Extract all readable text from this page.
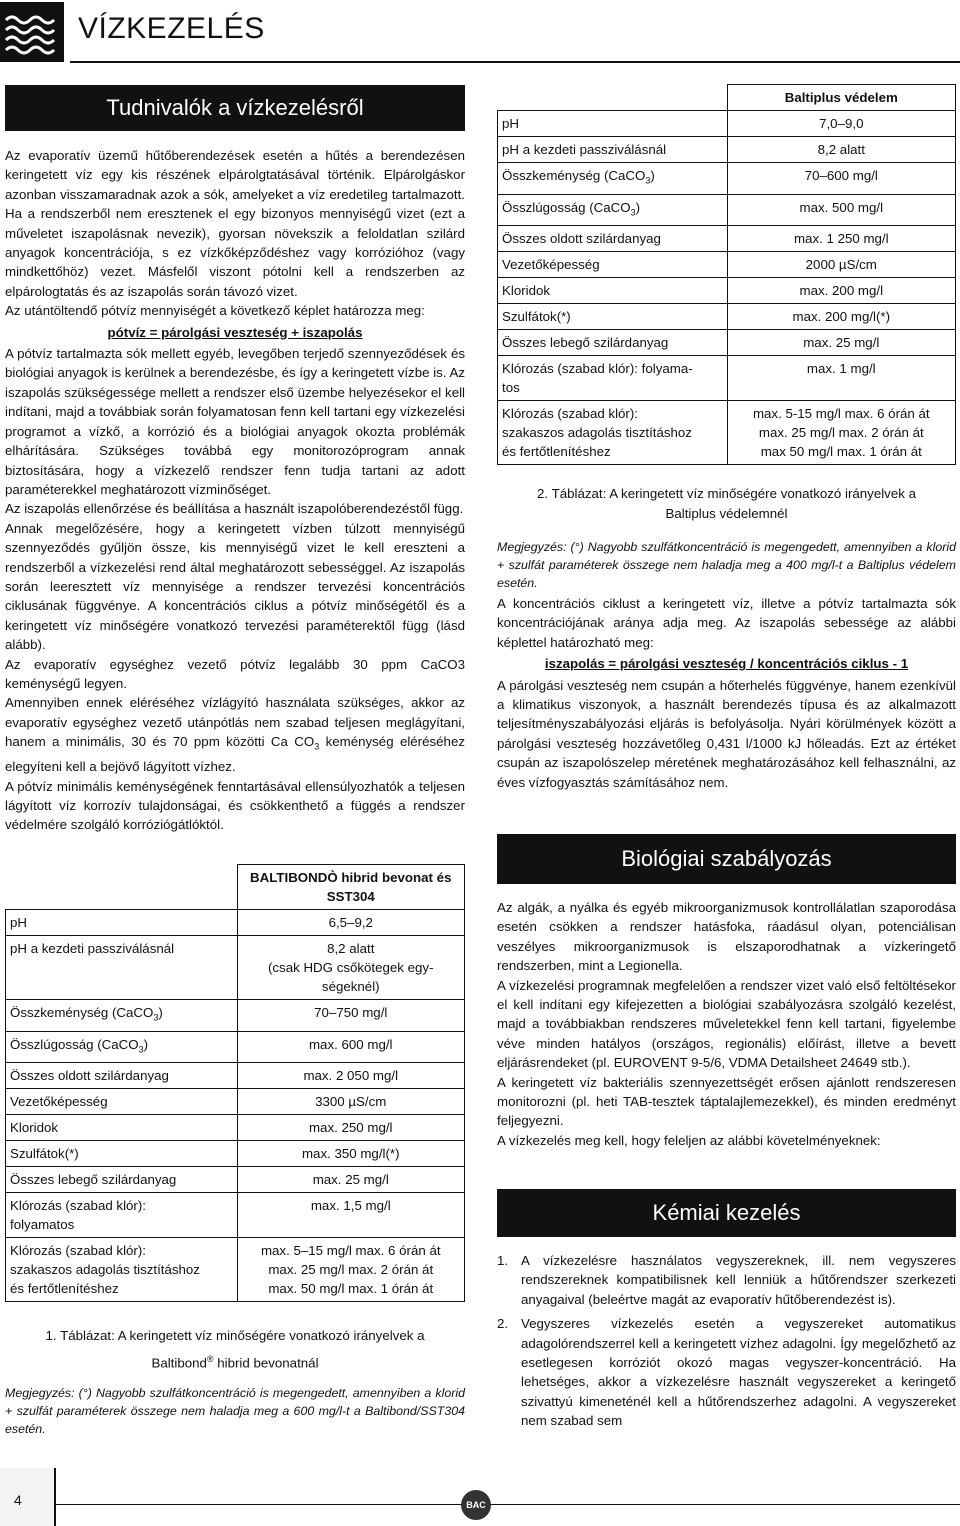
VÍZKEZELÉS
Tudnivalók a vízkezelésről

Az evaporatív üzemű hűtőberendezések esetén a hűtés a berendezésen keringetett víz egy kis részének elpárolgtatásával történik. Elpárolgáskor azonban visszamaradnak azok a sók, amelyeket a víz eredetileg tartalmazott. Ha a rendszerből nem eresztenek el egy bizonyos mennyiségű vizet (ezt a műveletet iszapolásnak nevezik), gyorsan növekszik a feloldatlan szilárd anyagok koncentrációja, s ez vízkőképződéshez vagy korrózióhoz (vagy mindkettőhöz) vezet. Másfelől viszont pótolni kell a rendszerben az elpárologtatás és az iszapolás során távozó vizet.

Az utántöltendő pótvíz mennyiségét a következő képlet határozza meg:

pótvíz = párolgási veszteség + iszapolás

A pótvíz tartalmazta sók mellett egyéb, levegőben terjedő szennyeződések és biológiai anyagok is kerülnek a berendezésbe, és így a keringetett vízbe is. Az iszapolás szükségessége mellett a rendszer első üzembe helyezésekor el kell indítani, majd a továbbiak során folyamatosan fenn kell tartani egy vízkezelési programot a vízkő, a korrózió és a biológiai anyagok okozta problémák elhárítására. Szükséges továbbá egy monitorozóprogram annak biztosítására, hogy a vízkezelő rendszer fenn tudja tartani az adott paraméterekkel meghatározott vízminőséget.

Az iszapolás ellenőrzése és beállítása a használt iszapolóberendezéstől függ.

Annak megelőzésére, hogy a keringetett vízben túlzott mennyiségű szennyeződés gyűljön össze, kis mennyiségű vizet le kell ereszteni a rendszerből a vízkezelési rend által meghatározott sebességgel. Az iszapolás során leeresztett víz mennyisége a rendszer tervezési koncentrációs ciklusának függvénye. A koncentrációs ciklus a pótvíz minőségétől és a keringetett víz minőségére vonatkozó tervezési paraméterektől függ (lásd alább).

Az evaporatív egységhez vezető pótvíz legalább 30 ppm CaCO3 keménységű legyen.

Amennyiben ennek eléréséhez vízlágyító használata szükséges, akkor az evaporatív egységhez vezető utánpótlás nem szabad teljesen meglágyítani, hanem a minimális, 30 és 70 ppm közötti Ca $CO_3$ keménység eléréséhez elegyíteni kell a bejövő lágyított vízhez.

A pótvíz minimális keménységének fenntartásával ellensúlyozhatók a teljesen lágyított víz korrozív tulajdonságai, és csökkenthető a függés a rendszer védelmére szolgáló korróziógátlóktól.

	BALTIBONDÒ hibrid bevonat és
SST304
pH	6,5–9,2
pH a kezdeti passziválásnál	8,2 alatt
(csak HDG csőkötegek egy-
ségeknél)
Összkeménység (CaCO$_3$)	70–750 mg/l
Összlúgosság (CaCO$_3$)	max. 600 mg/l
Összes oldott szilárdanyag	max. 2 050 mg/l
Vezetőképesség	3300 µS/cm
Kloridok	max. 250 mg/l
Szulfátok(*)	max. 350 mg/l(*)
Összes lebegő szilárdanyag	max. 25 mg/l
Klórozás (szabad klór):
folyamatos	max. 1,5 mg/l
Klórozás (szabad klór):
szakaszos adagolás tisztításhoz
és fertőtlenítéshez	max. 5–15 mg/l max. 6 órán át
max. 25 mg/l max. 2 órán át
max. 50 mg/l max. 1 órán át
1. Táblázat: A keringetett víz minőségére vonatkozó irányelvek a
Baltibond® hibrid bevonatnál
Megjegyzés: (°) Nagyobb szulfátkoncentráció is megengedett, amennyiben a klorid + szulfát paraméterek összege nem haladja meg a 600 mg/l-t a Baltibond/SST304 esetén.
	Baltiplus védelem
pH	7,0–9,0
pH a kezdeti passziválásnál	8,2 alatt
Összkeménység (CaCO$_3$)	70–600 mg/l
Összlúgosság (CaCO$_3$)	max. 500 mg/l
Összes oldott szilárdanyag	max. 1 250 mg/l
Vezetőképesség	2000 µS/cm
Kloridok	max. 200 mg/l
Szulfátok(*)	max. 200 mg/l(*)
Összes lebegő szilárdanyag	max. 25 mg/l
Klórozás (szabad klór): folyama-
tos	max. 1 mg/l
Klórozás (szabad klór):
szakaszos adagolás tisztításhoz
és fertőtlenítéshez	max. 5-15 mg/l max. 6 órán át
max. 25 mg/l max. 2 órán át
max 50 mg/l max. 1 órán át
2. Táblázat: A keringetett víz minőségére vonatkozó irányelvek a
Baltiplus védelemnél
Megjegyzés: (°) Nagyobb szulfátkoncentráció is megengedett, amennyiben a klorid + szulfát paraméterek összege nem haladja meg a 400 mg/l-t a Baltiplus védelem esetén.

A koncentrációs ciklust a keringetett víz, illetve a pótvíz tartalmazta sók koncentrációjának aránya adja meg. Az iszapolás sebessége az alábbi képlettel határozható meg:

iszapolás = párolgási veszteség / koncentrációs ciklus - 1

A párolgási veszteség nem csupán a hőterhelés függvénye, hanem ezenkívül a klimatikus viszonyok, a használt berendezés típusa és az alkalmazott teljesítményszabályozási eljárás is befolyásolja. Nyári körülmények között a párolgási veszteség hozzávetőleg 0,431 l/1000 kJ hőleadás. Ezt az értéket csupán az iszapolószelep méretének meghatározásához kell felhasználni, az éves vízfogyasztás számításához nem.

Biológiai szabályozás

Az algák, a nyálka és egyéb mikroorganizmusok kontrollálatlan szaporodása esetén csökken a rendszer hatásfoka, ráadásul olyan, potenciálisan veszélyes mikroorganizmusok is elszaporodhatnak a vízkeringető rendszerben, mint a Legionella.

A vízkezelési programnak megfelelően a rendszer vizet való első feltöltésekor el kell indítani egy kifejezetten a biológiai szabályozásra szolgáló kezelést, majd a továbbiakban rendszeres műveletekkel fenn kell tartani, figyelembe véve minden hatályos (országos, regionális) előírást, illetve a bevett eljárásrendeket (pl. EUROVENT 9-5/6, VDMA Detailsheet 24649 stb.).

A keringetett víz bakteriális szennyezettségét erősen ajánlott rendszeresen monitorozni (pl. heti TAB-tesztek táptalajlemezekkel), és minden eredményt feljegyezni.

A vízkezelés meg kell, hogy feleljen az alábbi követelményeknek:

Kémiai kezelés
1. A vízkezelésre használatos vegyszereknek, ill. nem vegyszeres rendszereknek kompatibilisnek kell lenniük a hűtőrendszer szerkezeti anyagaival (beleértve magát az evaporatív hűtőberendezést is).
2. Vegyszeres vízkezelés esetén a vegyszereket automatikus adagolórendszerrel kell a keringetett vízhez adagolni. Így megelőzhető az esetlegesen korróziót okozó magas vegyszer-koncentráció. Ha lehetséges, akkor a vízkezelésre használt vegyszereket a keringető szivattyú kimeneténél kell a hűtőrendszerhez adagolni. A vegyszereket nem szabad sem
4	BAC
